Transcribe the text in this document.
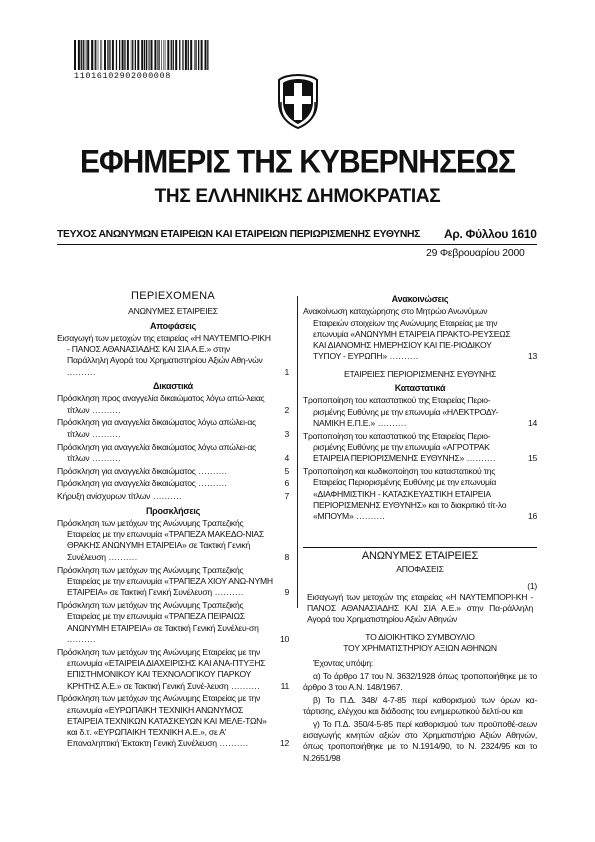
11016102902000008
ΕΦΗΜΕΡΙΣ ΤΗΣ ΚΥΒΕΡΝΗΣΕΩΣ
ΤΗΣ ΕΛΛΗΝΙΚΗΣ ΔΗΜΟΚΡΑΤΙΑΣ
ΤΕΥΧΟΣ ΑΝΩΝΥΜΩΝ ΕΤΑΙΡΕΙΩΝ ΚΑΙ ΕΤΑΙΡΕΙΩΝ ΠΕΡΙΩΡΙΣΜΕΝΗΣ ΕΥΘΥΝΗΣ Αρ. Φύλλου 1610
29 Φεβρουαρίου 2000
ΠΕΡΙΕΧΟΜΕΝΑ
ΑΝΩΝΥΜΕΣ ΕΤΑΙΡΕΙΕΣ
Αποφάσεις
Εισαγωγή των μετοχών της εταιρείας «Η ΝΑΥΤΕΜΠΟ-ΡΙΚΗ - ΠΑΝΟΣ ΑΘΑΝΑΣΙΑΔΗΣ ΚΑΙ ΣΙΑ Α.Ε.» στην Παράλληλη Αγορά του Χρηματιστηρίου Αξιών Αθη-νών ..........	1
Δικαστικά
Πρόσκληση προς αναγγελία δικαιώματος λόγω απώ-λειας τίτλων ..........	2
Πρόσκληση για αναγγελία δικαιώματος λόγω απώλει-ας τίτλων ..........	3
Πρόσκληση για αναγγελία δικαιώματος λόγω απώλει-ας τίτλων ..........	4
Πρόσκληση για αναγγελία δικαιώματος ..........	5
Πρόσκληση για αναγγελία δικαιώματος ..........	6
Κήρυξη ανίσχυρων τίτλων ..........	7
Προσκλήσεις
Πρόσκληση των μετόχων της Ανώνυμης Τραπεζικής Εταιρείας με την επωνυμία «ΤΡΑΠΕΖΑ ΜΑΚΕΔΟ-ΝΙΑΣ ΘΡΑΚΗΣ ΑΝΩΝΥΜΗ ΕΤΑΙΡΕΙΑ» σε Τακτική Γενική Συνέλευση ..........	8
Πρόσκληση των μετόχων της Ανώνυμης Τραπεζικής Εταιρείας με την επωνυμία «ΤΡΑΠΕΖΑ ΧΙΟΥ ΑΝΩ-ΝΥΜΗ ΕΤΑΙΡΕΙΑ» σε Τακτική Γενική Συνέλευση ..........	9
Πρόσκληση των μετόχων της Ανώνυμης Τραπεζικής Εταιρείας με την επωνυμία «ΤΡΑΠΕΖΑ ΠΕΙΡΑΙΩΣ ΑΝΩΝΥΜΗ ΕΤΑΙΡΕΙΑ» σε Τακτική Γενική Συνέλευ-ση ..........	10
Πρόσκληση των μετόχων της Ανώνυμης Εταιρείας με την επωνυμία «ΕΤΑΙΡΕΙΑ ΔΙΑΧΕΙΡΙΣΗΣ ΚΑΙ ΑΝΑ-ΠΤΥΞΗΣ ΕΠΙΣΤΗΜΟΝΙΚΟΥ ΚΑΙ ΤΕΧΝΟΛΟΓΙΚΟΥ ΠΑΡΚΟΥ ΚΡΗΤΗΣ Α.Ε.» σε Τακτική Γενική Συνέ-λευση .......... 11
Πρόσκληση των μετόχων της Ανώνυμης Εταιρείας με την επωνυμία «ΕΥΡΩΠΑΙΚΗ ΤΕΧΝΙΚΗ ΑΝΩΝΥΜΟΣ ΕΤΑΙΡΕΙΑ ΤΕΧΝΙΚΩΝ ΚΑΤΑΣΚΕΥΩΝ ΚΑΙ ΜΕΛΕ-ΤΩΝ» και δ.τ. «ΕΥΡΩΠΑΙΚΗ ΤΕΧΝΙΚΗ Α.Ε.», σε Α' Επαναληπτική Έκτακτη Γενική Συνέλευση ..........	12
Ανακοινώσεις
Ανακοίνωση καταχώρησης στο Μητρώο Ανωνύμων Εταιρειών στοιχείων της Ανώνυμης Εταιρείας με την επωνυμία «ΑΝΩΝΥΜΗ ΕΤΑΙΡΕΙΑ ΠΡΑΚΤΟ-ΡΕΥΣΕΩΣ ΚΑΙ ΔΙΑΝΟΜΗΣ ΗΜΕΡΗΣΙΟΥ ΚΑΙ ΠΕ-ΡΙΟΔΙΚΟΥ ΤΥΠΟΥ - ΕΥΡΩΠΗ» ..........	13
ΕΤΑΙΡΕΙΕΣ ΠΕΡΙΟΡΙΣΜΕΝΗΣ ΕΥΘΥΝΗΣ
Καταστατικά
Τροποποίηση του καταστατικού της Εταιρείας Περιο-ρισμένης Ευθύνης με την επωνυμία «ΗΛΕΚΤΡΟΔΥ-ΝΑΜΙΚΗ Ε.Π.Ε.» ..........	14
Τροποποίηση του καταστατικού της Εταιρείας Περιο-ρισμένης Ευθύνης με την επωνυμία «ΑΓΡΟΤΡΑΚ ΕΤΑΙΡΕΙΑ ΠΕΡΙΟΡΙΣΜΕΝΗΣ ΕΥΘΥΝΗΣ» ..........	15
Τροποποίηση και κωδικοποίηση του καταστατικού της Εταιρείας Περιορισμένης Ευθύνης με την επωνυμία «ΔΙΑΦΗΜΙΣΤΙΚΗ - ΚΑΤΑΣΚΕΥΑΣΤΙΚΗ ΕΤΑΙΡΕΙΑ ΠΕΡΙΟΡΙΣΜΕΝΗΣ ΕΥΘΥΝΗΣ» και το διακριτικό τίτ-λο «ΜΠΟΥΜ» ..........	16
ΑΝΩΝΥΜΕΣ ΕΤΑΙΡΕΙΕΣ
ΑΠΟΦΑΣΕΙΣ
(1)
Εισαγωγή των μετοχών της εταιρείας «Η ΝΑΥΤΕΜΠΟΡΙ-ΚΗ - ΠΑΝΟΣ ΑΘΑΝΑΣΙΑΔΗΣ ΚΑΙ ΣΙΑ Α.Ε.» στην Πα-ράλληλη Αγορά του Χρηματιστηρίου Αξιών Αθηνών
ΤΟ ΔΙΟΙΚΗΤΙΚΟ ΣΥΜΒΟΥΛΙΟ
ΤΟΥ ΧΡΗΜΑΤΙΣΤΗΡΙΟΥ ΑΞΙΩΝ ΑΘΗΝΩΝ
Έχοντας υπόψη:
α) Το άρθρο 17 του Ν. 3632/1928 όπως τροποποιήθηκε με το άρθρο 3 του Α.Ν. 148/1967.
β) Το Π.Δ. 348/ 4-7-85 περί καθορισμού των όρων κα-τάρτισης, ελέγχου και διάδοσης του ενημερωτικού δελτί-ου και
γ) Το Π.Δ. 350/4-5-85 περί καθορισμού των προϋποθέ-σεων εισαγωγής κινητών αξιών στο Χρηματιστήριο Αξιών Αθηνών, όπως τροποποιήθηκε με το Ν.1914/90, το Ν. 2324/95 και το Ν.2651/98
